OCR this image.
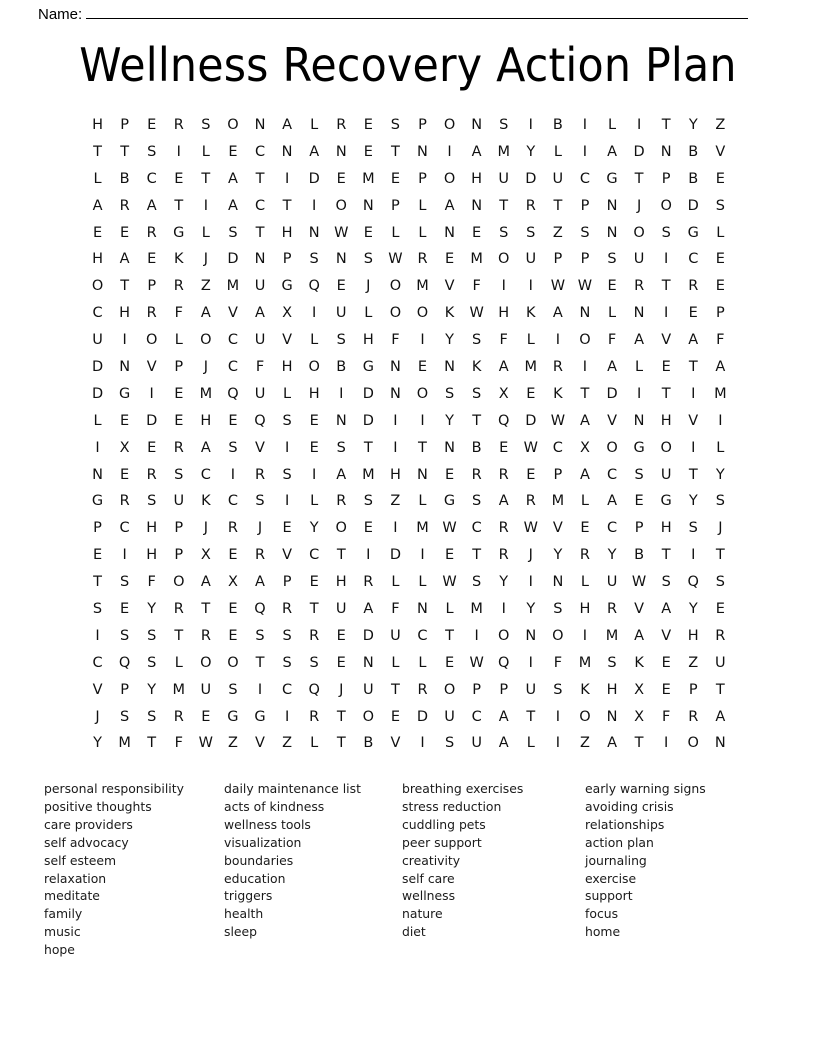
Name:
Wellness Recovery Action Plan
H	P	E	R	S	O	N	A	L	R	E	S	P	O	N	S	I	B	I	L	I	T	Y	Z
T	T	S	I	L	E	C	N	A	N	E	T	N	I	A	M	Y	L	I	A	D	N	B	V
L	B	C	E	T	A	T	I	D	E	M	E	P	O	H	U	D	U	C	G	T	P	B	E
A	R	A	T	I	A	C	T	I	O	N	P	L	A	N	T	R	T	P	N	J	O	D	S
E	E	R	G	L	S	T	H	N W	E	L	L	N	E	S	S	Z	S	N	O	S	G	L
H	A	E	K	J	D	N	P	S	N	S	W	R	E	M	O	U	P	P	S	U	I	C	E
O	T	P	R	Z	M	U	G	Q	E	J	O	M	V	F	I	I	W W	E	R	T	R	E
C	H	R	F	A	V	A	X	I	U	L	O	O	K	W H	K	A	N	L	N	I	E	P
U	I	O	L	O	C	U	V	L	S	H	F	I	Y	S	F	L	I	O	F	A	V	A	F
D	N	V	P	J	C	F	H	O	B	G	N	E	N	K	A	M	R	I	A	L	E	T	A
D	G	I	E	M	Q	U	L	H	I	D	N	O	S	S	X	E	K	T	D	I	T	I	M
L	E	D	E	H	E	Q	S	E	N	D	I	I	Y	T	Q	D W	A	V	N	H	V	I
I	X	E	R	A	S	V	I	E	S	T	I	T	N	B	E	W	C	X	O	G	O	I	L
N	E	R	S	C	I	R	S	I	A	M	H	N	E	R	R	E	P	A	C	S	U	T	Y
G	R	S	U	K	C	S	I	L	R	S	Z	L	G	S	A	R	M	L	A	E	G	Y	S
P	C	H	P	J	R	J	E	Y	O	E	I	M W	C	R	W	V	E	C	P	H	S	J
E	I	H	P	X	E	R	V	C	T	I	D	I	E	T	R	J	Y	R	Y	B	T	I	T
T	S	F	O	A	X	A	P	E	H	R	L	L	W	S	Y	I	N	L	U	W	S	Q	S
S	E	Y	R	T	E	Q	R	T	U	A	F	N	L	M	I	Y	S	H	R	V	A	Y	E
I	S	S	T	R	E	S	S	R	E	D	U	C	T	I	O	N	O	I	M	A	V	H	R
C	Q	S	L	O	O	T	S	S	E	N	L	L	E	W Q	I	F	M	S	K	E	Z	U
V	P	Y	M	U	S	I	C	Q	J	U	T	R	O	P	P	U	S	K	H	X	E	P	T
J	S	S	R	E	G	G	I	R	T	O	E	D	U	C	A	T	I	O	N	X	F	R	A
Y	M	T	F	W	Z	V	Z	L	T	B	V	I	S	U	A	L	I	Z	A	T	I	O	N
personal responsibility
positive thoughts
care providers
self advocacy
self esteem
relaxation
meditate
family
music
hope
daily maintenance list
acts of kindness
wellness tools
visualization
boundaries
education
triggers
health
sleep
breathing exercises
stress reduction
cuddling pets
peer support
creativity
self care
wellness
nature
diet
early warning signs
avoiding crisis
relationships
action plan
journaling
exercise
support
focus
home
